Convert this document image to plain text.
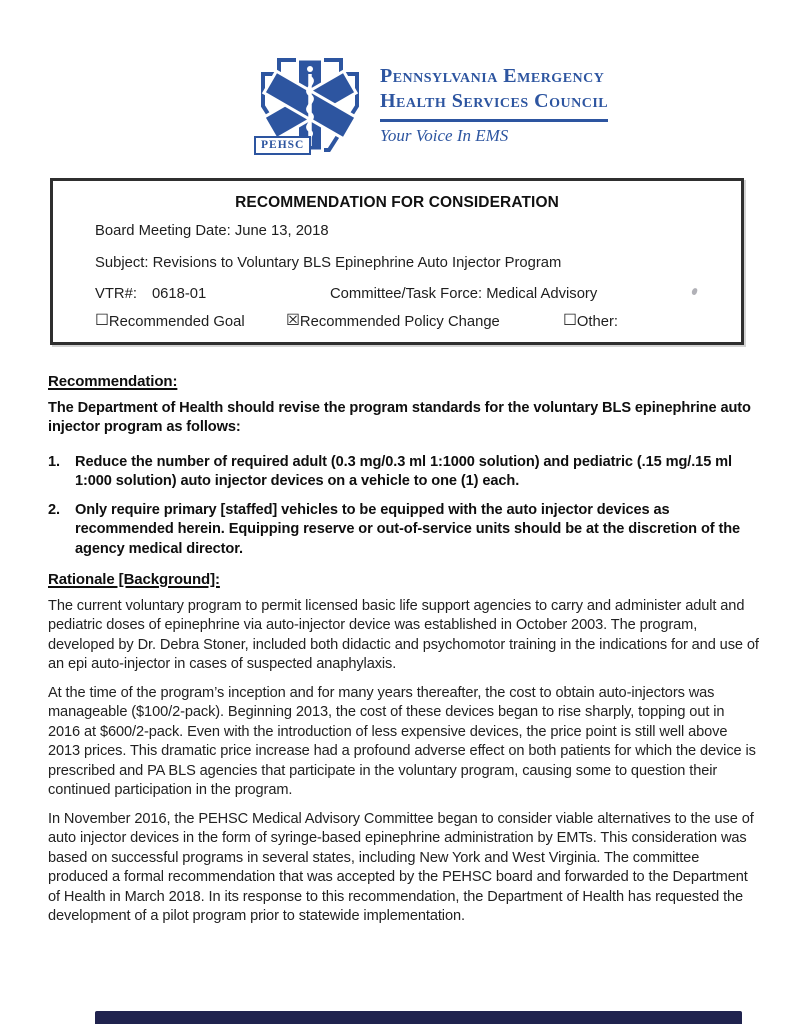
PEHSC
Pennsylvania Emergency
Health Services Council
Your Voice In EMS
RECOMMENDATION FOR CONSIDERATION

Board Meeting Date: June 13, 2018

Subject: Revisions to Voluntary BLS Epinephrine Auto Injector Program

VTR#: 0618-01	Committee/Task Force: Medical Advisory
☐ Recommended Goal	☒ Recommended Policy Change	☐ Other:
Recommendation:

The Department of Health should revise the program standards for the voluntary BLS epinephrine auto injector program as follows:

1.	Reduce the number of required adult (0.3 mg/0.3 ml 1:1000 solution) and pediatric (.15 mg/.15 ml 1:000 solution) auto injector devices on a vehicle to one (1) each.
2.	Only require primary [staffed] vehicles to be equipped with the auto injector devices as recommended herein. Equipping reserve or out-of-service units should be at the discretion of the agency medical director.
Rationale [Background]:

The current voluntary program to permit licensed basic life support agencies to carry and administer adult and pediatric doses of epinephrine via auto-injector device was established in October 2003. The program, developed by Dr. Debra Stoner, included both didactic and psychomotor training in the indications for and use of an epi auto-injector in cases of suspected anaphylaxis.

At the time of the program’s inception and for many years thereafter, the cost to obtain auto-injectors was manageable ($100/2-pack). Beginning 2013, the cost of these devices began to rise sharply, topping out in 2016 at $600/2-pack. Even with the introduction of less expensive devices, the price point is still well above 2013 prices. This dramatic price increase had a profound adverse effect on both patients for which the device is prescribed and PA BLS agencies that participate in the voluntary program, causing some to question their continued participation in the program.

In November 2016, the PEHSC Medical Advisory Committee began to consider viable alternatives to the use of auto injector devices in the form of syringe-based epinephrine administration by EMTs. This consideration was based on successful programs in several states, including New York and West Virginia. The committee produced a formal recommendation that was accepted by the PEHSC board and forwarded to the Department of Health in March 2018. In its response to this recommendation, the Department of Health has requested the development of a pilot program prior to statewide implementation.
